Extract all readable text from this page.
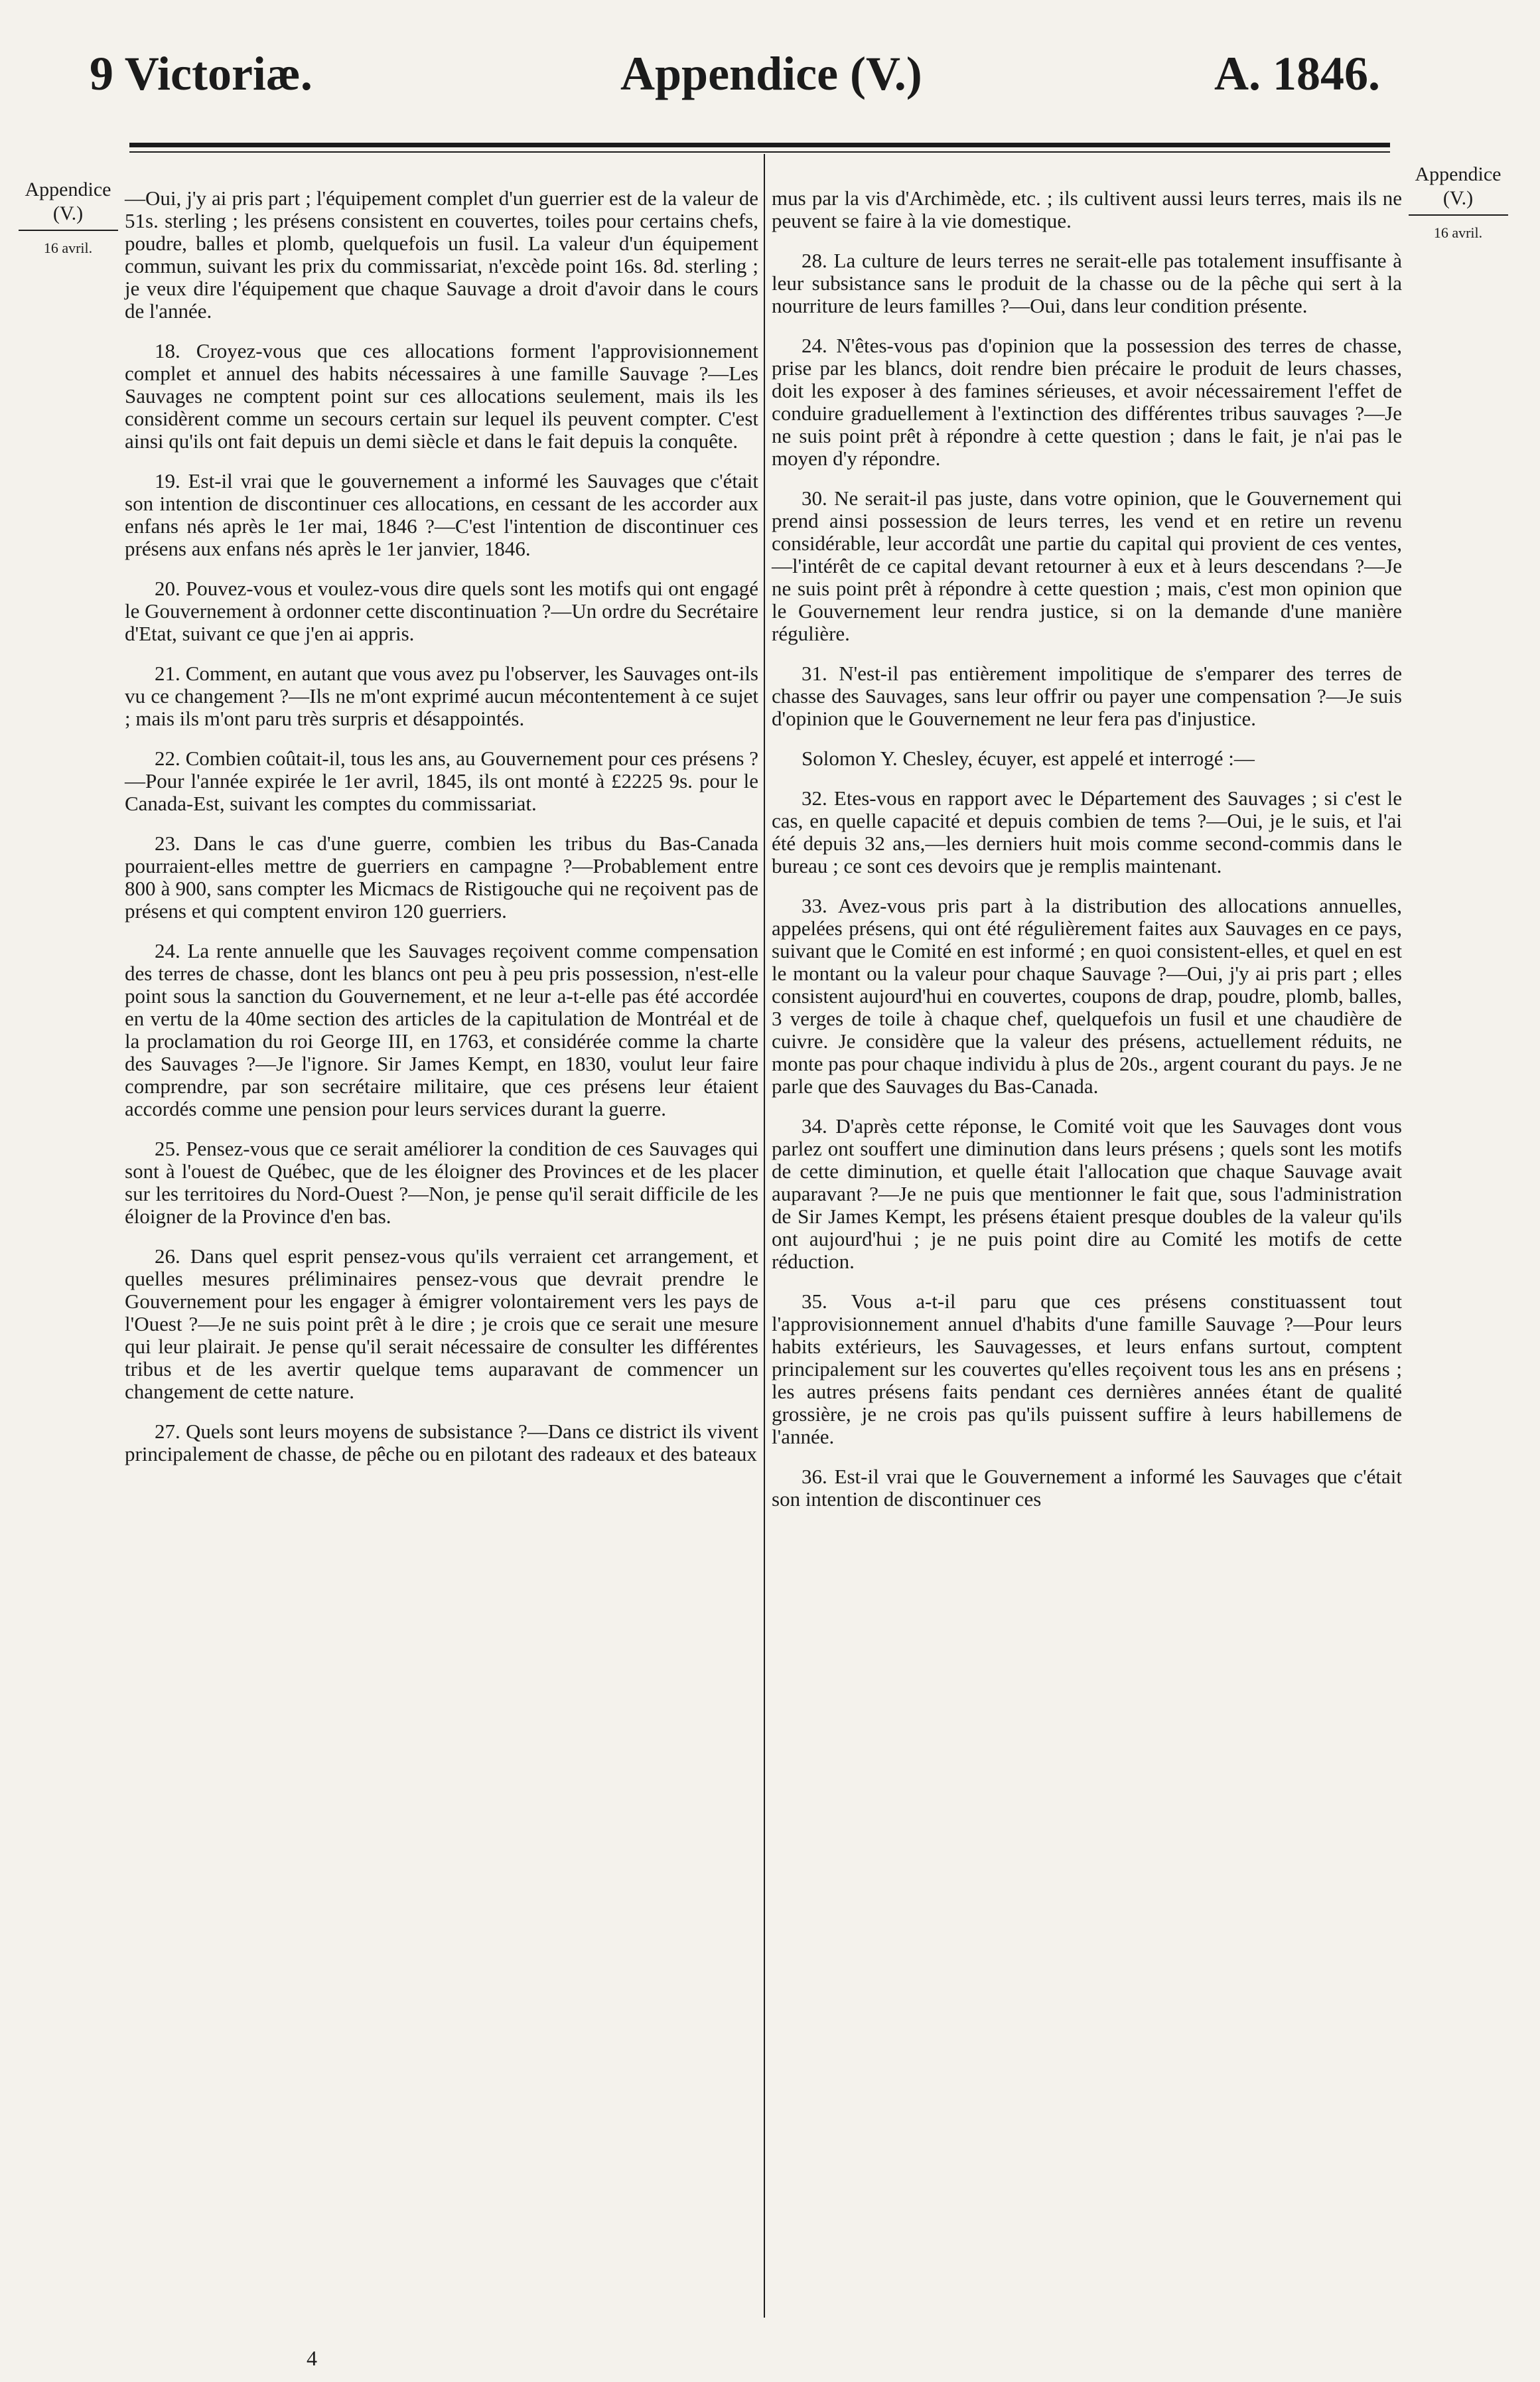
9 Victoriæ.	Appendice (V.)	A. 1846.
Appendice
(V.)
16 avril.
Appendice
(V.)
16 avril.

—Oui, j'y ai pris part ; l'équipement complet d'un guerrier est de la valeur de 51s. sterling ; les présens consistent en couvertes, toiles pour certains chefs, poudre, balles et plomb, quelquefois un fusil. La valeur d'un équipement commun, suivant les prix du commissariat, n'excède point 16s. 8d. sterling ; je veux dire l'équipement que chaque Sauvage a droit d'avoir dans le cours de l'année.

18. Croyez-vous que ces allocations forment l'approvisionnement complet et annuel des habits nécessaires à une famille Sauvage ?—Les Sauvages ne comptent point sur ces allocations seulement, mais ils les considèrent comme un secours certain sur lequel ils peuvent compter. C'est ainsi qu'ils ont fait depuis un demi siècle et dans le fait depuis la conquête.

19. Est-il vrai que le gouvernement a informé les Sauvages que c'était son intention de discontinuer ces allocations, en cessant de les accorder aux enfans nés après le 1er mai, 1846 ?—C'est l'intention de discontinuer ces présens aux enfans nés après le 1er janvier, 1846.

20. Pouvez-vous et voulez-vous dire quels sont les motifs qui ont engagé le Gouvernement à ordonner cette discontinuation ?—Un ordre du Secrétaire d'Etat, suivant ce que j'en ai appris.

21. Comment, en autant que vous avez pu l'observer, les Sauvages ont-ils vu ce changement ?—Ils ne m'ont exprimé aucun mécontentement à ce sujet ; mais ils m'ont paru très surpris et désappointés.

22. Combien coûtait-il, tous les ans, au Gouvernement pour ces présens ?—Pour l'année expirée le 1er avril, 1845, ils ont monté à £2225 9s. pour le Canada-Est, suivant les comptes du commissariat.

23. Dans le cas d'une guerre, combien les tribus du Bas-Canada pourraient-elles mettre de guerriers en campagne ?—Probablement entre 800 à 900, sans compter les Micmacs de Ristigouche qui ne reçoivent pas de présens et qui comptent environ 120 guerriers.

24. La rente annuelle que les Sauvages reçoivent comme compensation des terres de chasse, dont les blancs ont peu à peu pris possession, n'est-elle point sous la sanction du Gouvernement, et ne leur a-t-elle pas été accordée en vertu de la 40me section des articles de la capitulation de Montréal et de la proclamation du roi George III, en 1763, et considérée comme la charte des Sauvages ?—Je l'ignore. Sir James Kempt, en 1830, voulut leur faire comprendre, par son secrétaire militaire, que ces présens leur étaient accordés comme une pension pour leurs services durant la guerre.

25. Pensez-vous que ce serait améliorer la condition de ces Sauvages qui sont à l'ouest de Québec, que de les éloigner des Provinces et de les placer sur les territoires du Nord-Ouest ?—Non, je pense qu'il serait difficile de les éloigner de la Province d'en bas.

26. Dans quel esprit pensez-vous qu'ils verraient cet arrangement, et quelles mesures préliminaires pensez-vous que devrait prendre le Gouvernement pour les engager à émigrer volontairement vers les pays de l'Ouest ?—Je ne suis point prêt à le dire ; je crois que ce serait une mesure qui leur plairait. Je pense qu'il serait nécessaire de consulter les différentes tribus et de les avertir quelque tems auparavant de commencer un changement de cette nature.

27. Quels sont leurs moyens de subsistance ?—Dans ce district ils vivent principalement de chasse, de pêche ou en pilotant des radeaux et des bateaux

mus par la vis d'Archimède, etc. ; ils cultivent aussi leurs terres, mais ils ne peuvent se faire à la vie domestique.

28. La culture de leurs terres ne serait-elle pas totalement insuffisante à leur subsistance sans le produit de la chasse ou de la pêche qui sert à la nourriture de leurs familles ?—Oui, dans leur condition présente.

24. N'êtes-vous pas d'opinion que la possession des terres de chasse, prise par les blancs, doit rendre bien précaire le produit de leurs chasses, doit les exposer à des famines sérieuses, et avoir nécessairement l'effet de conduire graduellement à l'extinction des différentes tribus sauvages ?—Je ne suis point prêt à répondre à cette question ; dans le fait, je n'ai pas le moyen d'y répondre.

30. Ne serait-il pas juste, dans votre opinion, que le Gouvernement qui prend ainsi possession de leurs terres, les vend et en retire un revenu considérable, leur accordât une partie du capital qui provient de ces ventes,—l'intérêt de ce capital devant retourner à eux et à leurs descendans ?—Je ne suis point prêt à répondre à cette question ; mais, c'est mon opinion que le Gouvernement leur rendra justice, si on la demande d'une manière régulière.

31. N'est-il pas entièrement impolitique de s'emparer des terres de chasse des Sauvages, sans leur offrir ou payer une compensation ?—Je suis d'opinion que le Gouvernement ne leur fera pas d'injustice.

Solomon Y. Chesley, écuyer, est appelé et interrogé :—

32. Etes-vous en rapport avec le Département des Sauvages ; si c'est le cas, en quelle capacité et depuis combien de tems ?—Oui, je le suis, et l'ai été depuis 32 ans,—les derniers huit mois comme second-commis dans le bureau ; ce sont ces devoirs que je remplis maintenant.

33. Avez-vous pris part à la distribution des allocations annuelles, appelées présens, qui ont été régulièrement faites aux Sauvages en ce pays, suivant que le Comité en est informé ; en quoi consistent-elles, et quel en est le montant ou la valeur pour chaque Sauvage ?—Oui, j'y ai pris part ; elles consistent aujourd'hui en couvertes, coupons de drap, poudre, plomb, balles, 3 verges de toile à chaque chef, quelquefois un fusil et une chaudière de cuivre. Je considère que la valeur des présens, actuellement réduits, ne monte pas pour chaque individu à plus de 20s., argent courant du pays. Je ne parle que des Sauvages du Bas-Canada.

34. D'après cette réponse, le Comité voit que les Sauvages dont vous parlez ont souffert une diminution dans leurs présens ; quels sont les motifs de cette diminution, et quelle était l'allocation que chaque Sauvage avait auparavant ?—Je ne puis que mentionner le fait que, sous l'administration de Sir James Kempt, les présens étaient presque doubles de la valeur qu'ils ont aujourd'hui ; je ne puis point dire au Comité les motifs de cette réduction.

35. Vous a-t-il paru que ces présens constituassent tout l'approvisionnement annuel d'habits d'une famille Sauvage ?—Pour leurs habits extérieurs, les Sauvagesses, et leurs enfans surtout, comptent principalement sur les couvertes qu'elles reçoivent tous les ans en présens ; les autres présens faits pendant ces dernières années étant de qualité grossière, je ne crois pas qu'ils puissent suffire à leurs habillemens de l'année.

36. Est-il vrai que le Gouvernement a informé les Sauvages que c'était son intention de discontinuer ces

4
